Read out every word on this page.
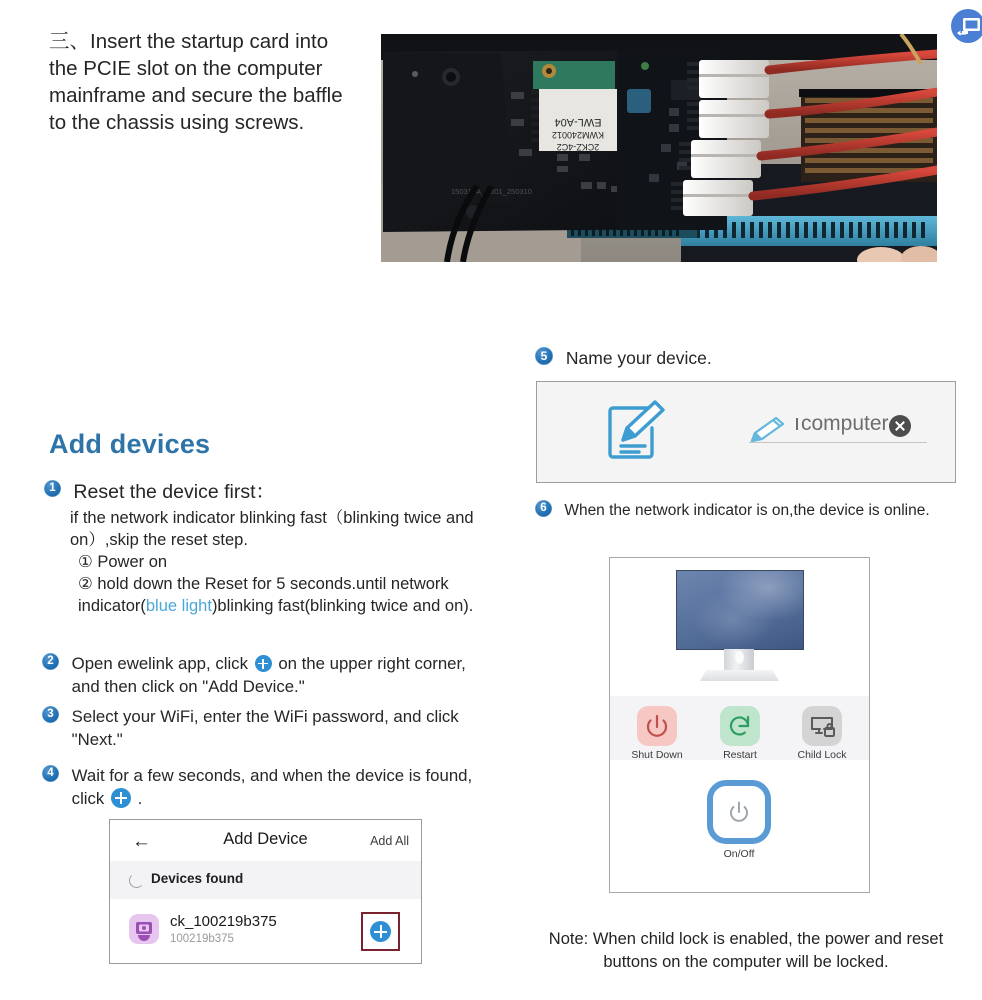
三、Insert the startup card into the PCIE slot on the computer mainframe and secure the baffle to the chassis using screws.
2CKZ-4C2
KWM240012
EWL-A04
150310A_Y501_250310
Add devices
1 Reset the device first：
if the network indicator blinking fast（blinking twice and on）,skip the reset step.
① Power on
② hold down the Reset for 5 seconds.until network indicator(blue light)blinking fast(blinking twice and on).
2 Open ewelink app, click on the upper right corner, and then click on "Add Device."
3 Select your WiFi, enter the WiFi password, and click "Next."
4 Wait for a few seconds, and when the device is found, click .
←	Add Device	Add All
Devices found
ck_100219b375
100219b375
5 Name your device.
computer
6 When the network indicator is on,the device is online.
Shut Down	Restart	Child Lock
On/Off
Note: When child lock is enabled, the power and reset buttons on the computer will be locked.
